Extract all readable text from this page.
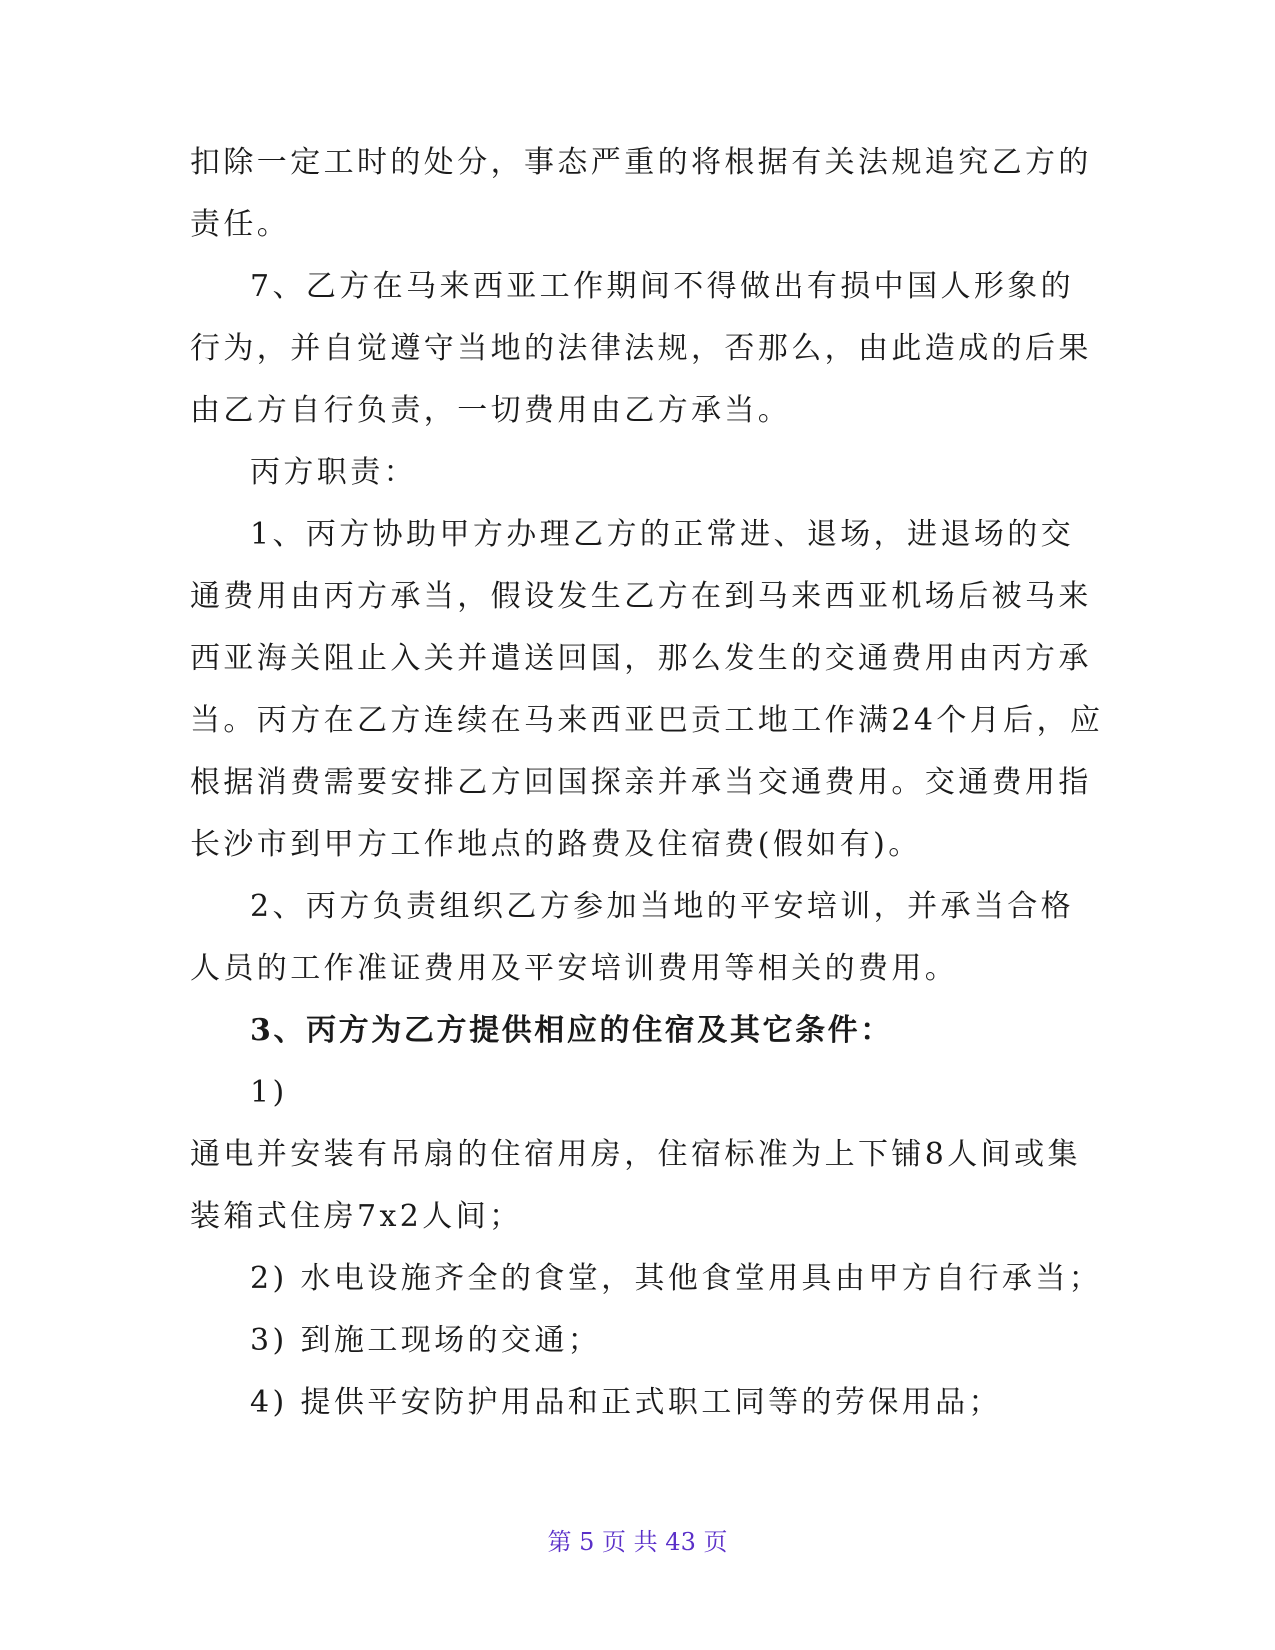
扣除一定工时的处分，事态严重的将根据有关法规追究乙方的
责任。
7、乙方在马来西亚工作期间不得做出有损中国人形象的
行为，并自觉遵守当地的法律法规，否那么，由此造成的后果
由乙方自行负责，一切费用由乙方承当。
丙方职责：
1、丙方协助甲方办理乙方的正常进、退场，进退场的交
通费用由丙方承当，假设发生乙方在到马来西亚机场后被马来
西亚海关阻止入关并遣送回国，那么发生的交通费用由丙方承
当。丙方在乙方连续在马来西亚巴贡工地工作满24个月后，应
根据消费需要安排乙方回国探亲并承当交通费用。交通费用指
长沙市到甲方工作地点的路费及住宿费(假如有)。
2、丙方负责组织乙方参加当地的平安培训，并承当合格
人员的工作准证费用及平安培训费用等相关的费用。
3、丙方为乙方提供相应的住宿及其它条件：
1)
通电并安装有吊扇的住宿用房，住宿标准为上下铺8人间或集
装箱式住房7x2人间；
2) 水电设施齐全的食堂，其他食堂用具由甲方自行承当；
3) 到施工现场的交通；
4) 提供平安防护用品和正式职工同等的劳保用品；
第 5 页 共 43 页
